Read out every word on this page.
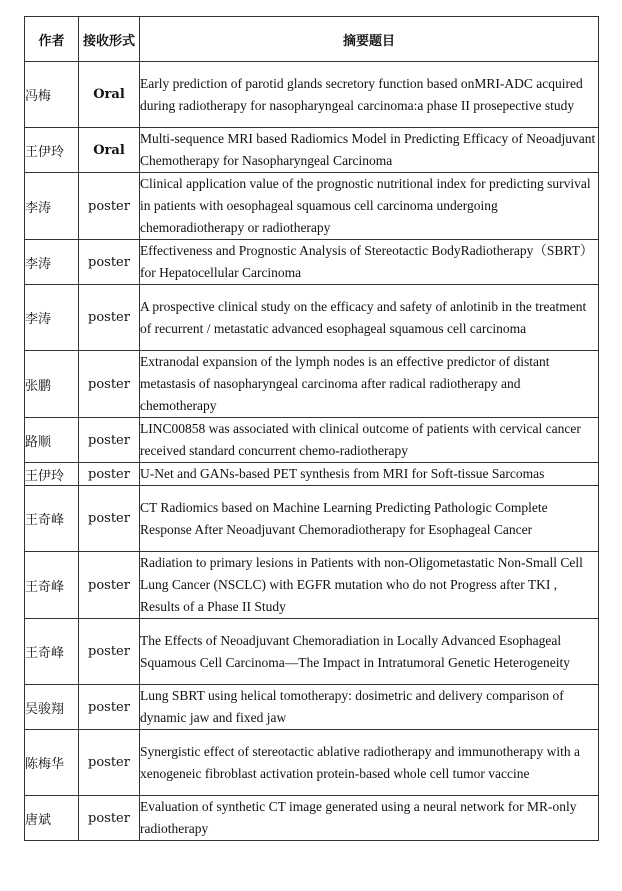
作者	接收形式	摘要题目
冯梅	Oral	Early prediction of parotid glands secretory function based onMRI-ADC acquired during radiotherapy for nasopharyngeal carcinoma:a phase II prosepective study
王伊玲	Oral	Multi-sequence MRI based Radiomics Model in Predicting Efficacy of Neoadjuvant Chemotherapy for Nasopharyngeal Carcinoma
李涛	poster	Clinical application value of the prognostic nutritional index for predicting survival in patients with oesophageal squamous cell carcinoma undergoing chemoradiotherapy or radiotherapy
李涛	poster	Effectiveness and Prognostic Analysis of Stereotactic BodyRadiotherapy（SBRT）for Hepatocellular Carcinoma
李涛	poster	A prospective clinical study on the efficacy and safety of anlotinib in the treatment of recurrent / metastatic advanced esophageal squamous cell carcinoma
张鹏	poster	Extranodal expansion of the lymph nodes is an effective predictor of distant metastasis of nasopharyngeal carcinoma after radical radiotherapy and chemotherapy
路顺	poster	LINC00858 was associated with clinical outcome of patients with cervical cancer received standard concurrent chemo-radiotherapy
王伊玲	poster	U-Net and GANs-based PET synthesis from MRI for Soft-tissue Sarcomas
王奇峰	poster	CT Radiomics based on Machine Learning Predicting Pathologic Complete Response After Neoadjuvant Chemoradiotherapy for Esophageal Cancer
王奇峰	poster	Radiation to primary lesions in Patients with non-Oligometastatic Non-Small Cell Lung Cancer (NSCLC) with EGFR mutation who do not Progress after TKI , Results of a Phase II Study
王奇峰	poster	The Effects of Neoadjuvant Chemoradiation in Locally Advanced Esophageal Squamous Cell Carcinoma—The Impact in Intratumoral Genetic Heterogeneity
吴骏翔	poster	Lung SBRT using helical tomotherapy: dosimetric and delivery comparison of dynamic jaw and fixed jaw
陈梅华	poster	Synergistic effect of stereotactic ablative radiotherapy and immunotherapy with a xenogeneic fibroblast activation protein-based whole cell tumor vaccine
唐斌	poster	Evaluation of synthetic CT image generated using a neural network for MR-only radiotherapy
